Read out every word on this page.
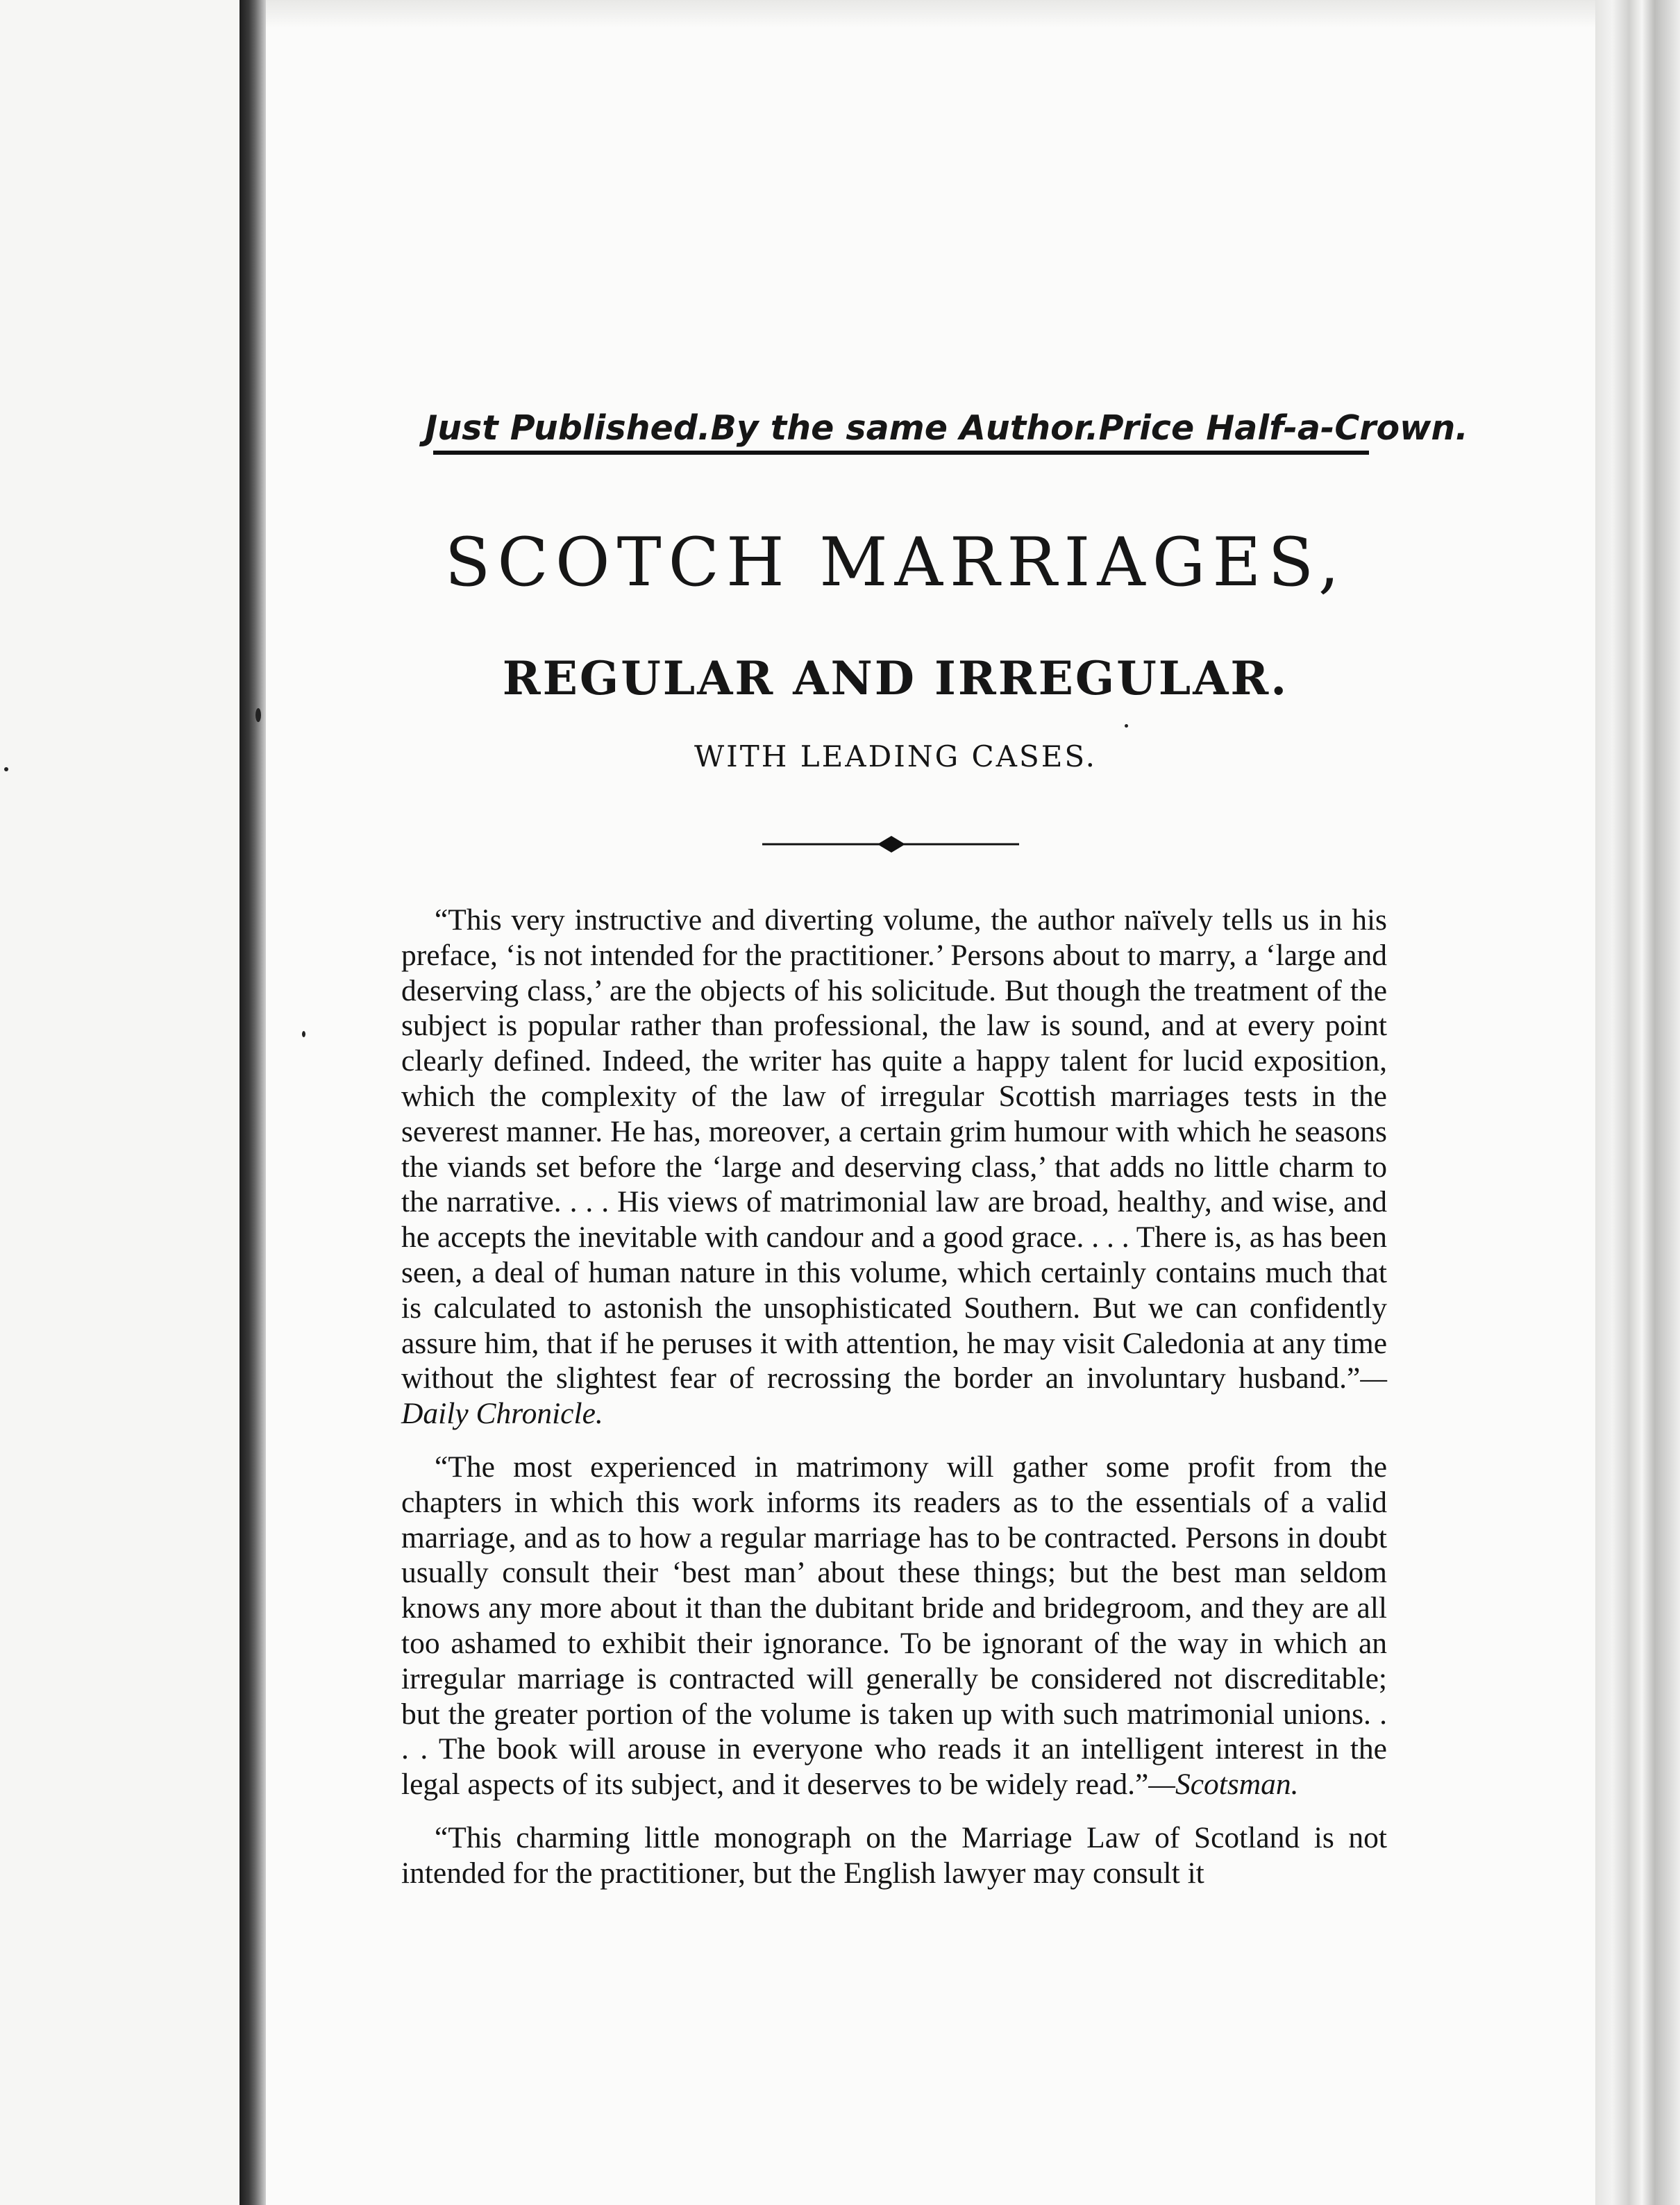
Just Published. By the same Author. Price Half-a-Crown.
SCOTCH MARRIAGES,
REGULAR AND IRREGULAR.
WITH LEADING CASES.

“This very instructive and diverting volume, the author naïvely tells us in his preface, ‘is not intended for the practitioner.’ Persons about to marry, a ‘large and deserving class,’ are the objects of his solicitude. But though the treatment of the subject is popular rather than professional, the law is sound, and at every point clearly defined. Indeed, the writer has quite a happy talent for lucid exposition, which the complexity of the law of irregular Scottish marriages tests in the severest manner. He has, moreover, a certain grim humour with which he seasons the viands set before the ‘large and deserving class,’ that adds no little charm to the narrative. . . . His views of matrimonial law are broad, healthy, and wise, and he accepts the inevitable with candour and a good grace. . . . There is, as has been seen, a deal of human nature in this volume, which certainly contains much that is calculated to astonish the unsophisticated Southern. But we can confidently assure him, that if he peruses it with attention, he may visit Caledonia at any time without the slightest fear of recrossing the border an involuntary husband.”—Daily Chronicle.

“The most experienced in matrimony will gather some profit from the chapters in which this work informs its readers as to the essentials of a valid marriage, and as to how a regular marriage has to be contracted. Persons in doubt usually consult their ‘best man’ about these things; but the best man seldom knows any more about it than the dubitant bride and bridegroom, and they are all too ashamed to exhibit their ignorance. To be ignorant of the way in which an irregular marriage is contracted will generally be considered not discreditable; but the greater portion of the volume is taken up with such matrimonial unions. . . . The book will arouse in everyone who reads it an intelligent interest in the legal aspects of its subject, and it deserves to be widely read.”—Scotsman.

“This charming little monograph on the Marriage Law of Scotland is not intended for the practitioner, but the English lawyer may consult it
